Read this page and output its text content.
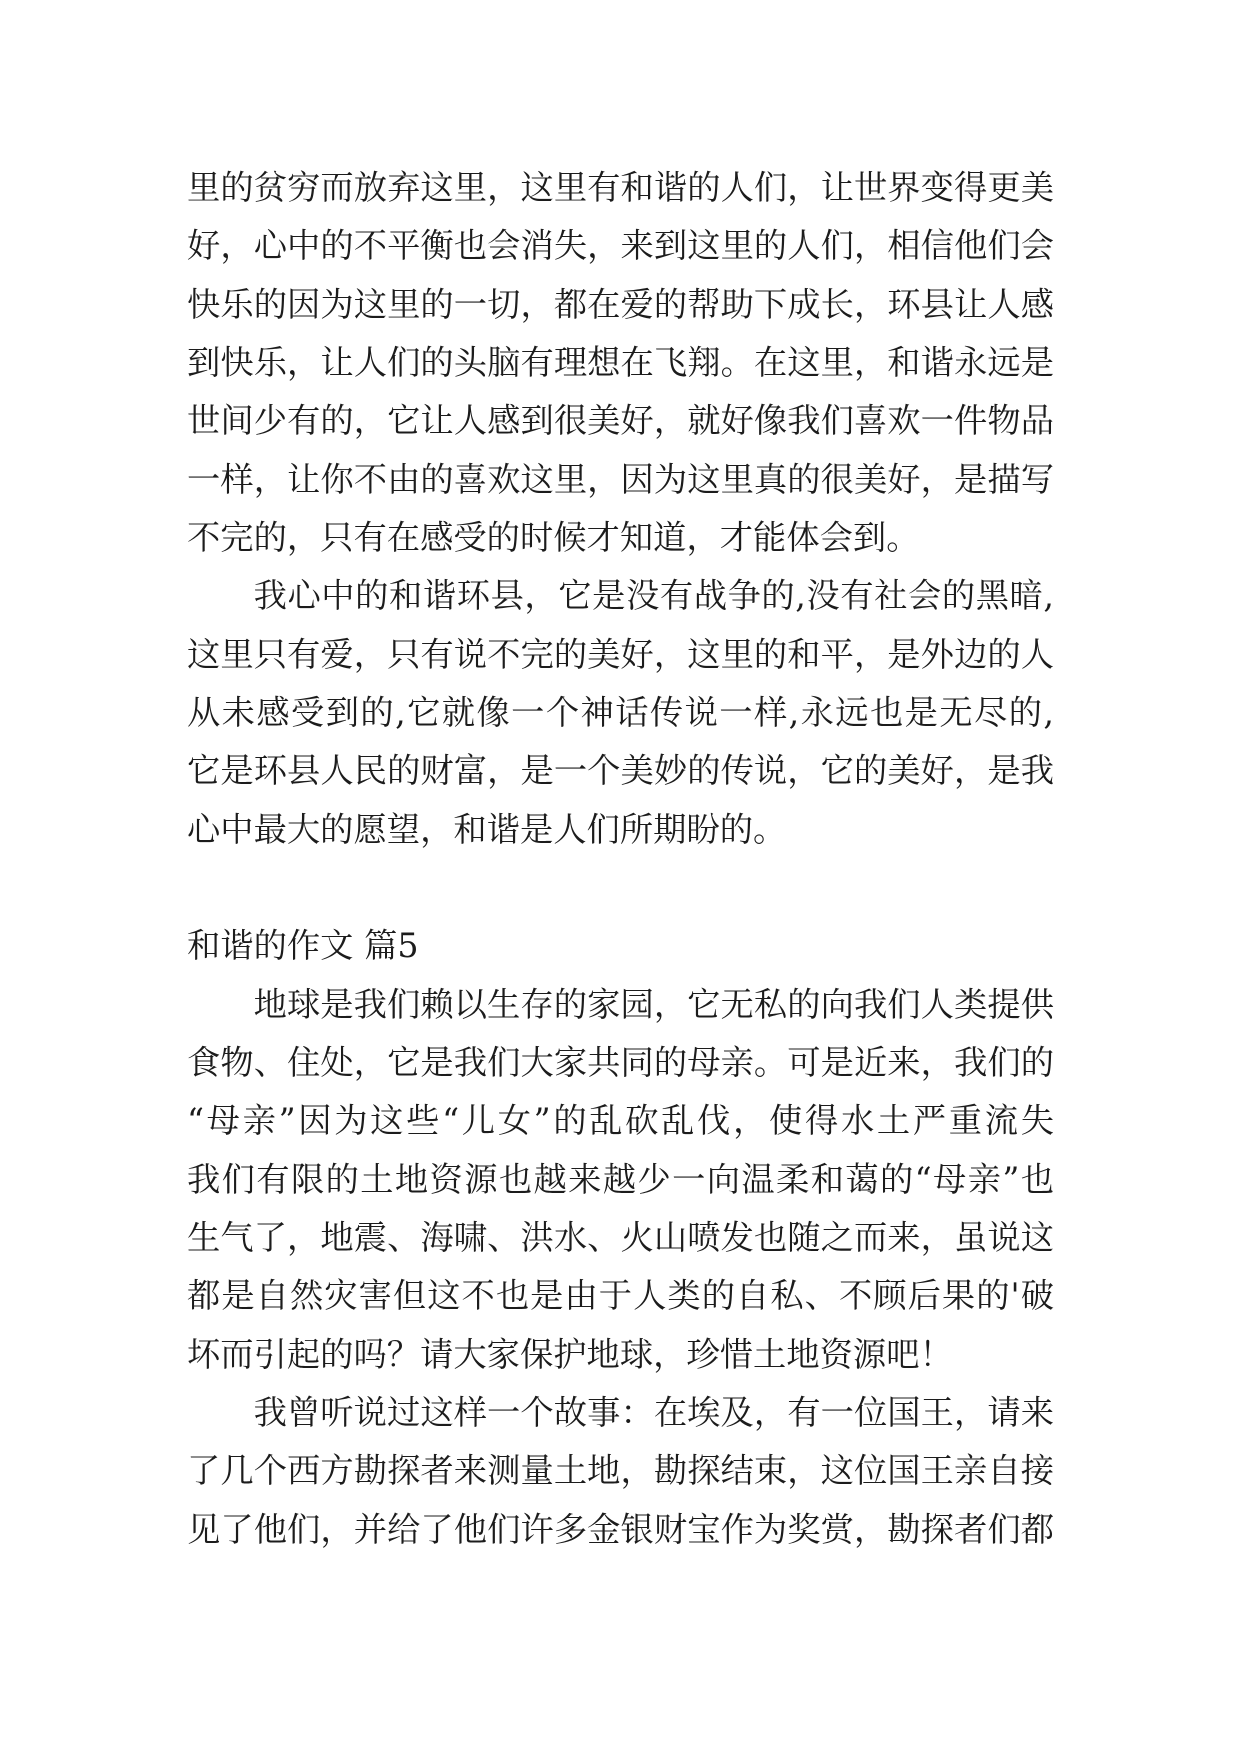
里的贫穷而放弃这里，这里有和谐的人们，让世界变得更美
好，心中的不平衡也会消失，来到这里的人们，相信他们会
快乐的因为这里的一切，都在爱的帮助下成长，环县让人感
到快乐，让人们的头脑有理想在飞翔。在这里，和谐永远是
世间少有的，它让人感到很美好，就好像我们喜欢一件物品
一样，让你不由的喜欢这里，因为这里真的很美好，是描写
不完的，只有在感受的时候才知道，才能体会到。
我心中的和谐环县，它是没有战争的,没有社会的黑暗,
这里只有爱，只有说不完的美好，这里的和平，是外边的人
从未感受到的,它就像一个神话传说一样,永远也是无尽的,
它是环县人民的财富，是一个美妙的传说，它的美好，是我
心中最大的愿望，和谐是人们所期盼的。
和谐的作文 篇5
地球是我们赖以生存的家园，它无私的向我们人类提供
食物、住处，它是我们大家共同的母亲。可是近来，我们的
“母亲”因为这些“儿女”的乱砍乱伐，使得水土严重流失
我们有限的土地资源也越来越少一向温柔和蔼的“母亲”也
生气了，地震、海啸、洪水、火山喷发也随之而来，虽说这
都是自然灾害但这不也是由于人类的自私、不顾后果的'破
坏而引起的吗？请大家保护地球，珍惜土地资源吧！
我曾听说过这样一个故事：在埃及，有一位国王，请来
了几个西方勘探者来测量土地，勘探结束，这位国王亲自接
见了他们，并给了他们许多金银财宝作为奖赏，勘探者们都
